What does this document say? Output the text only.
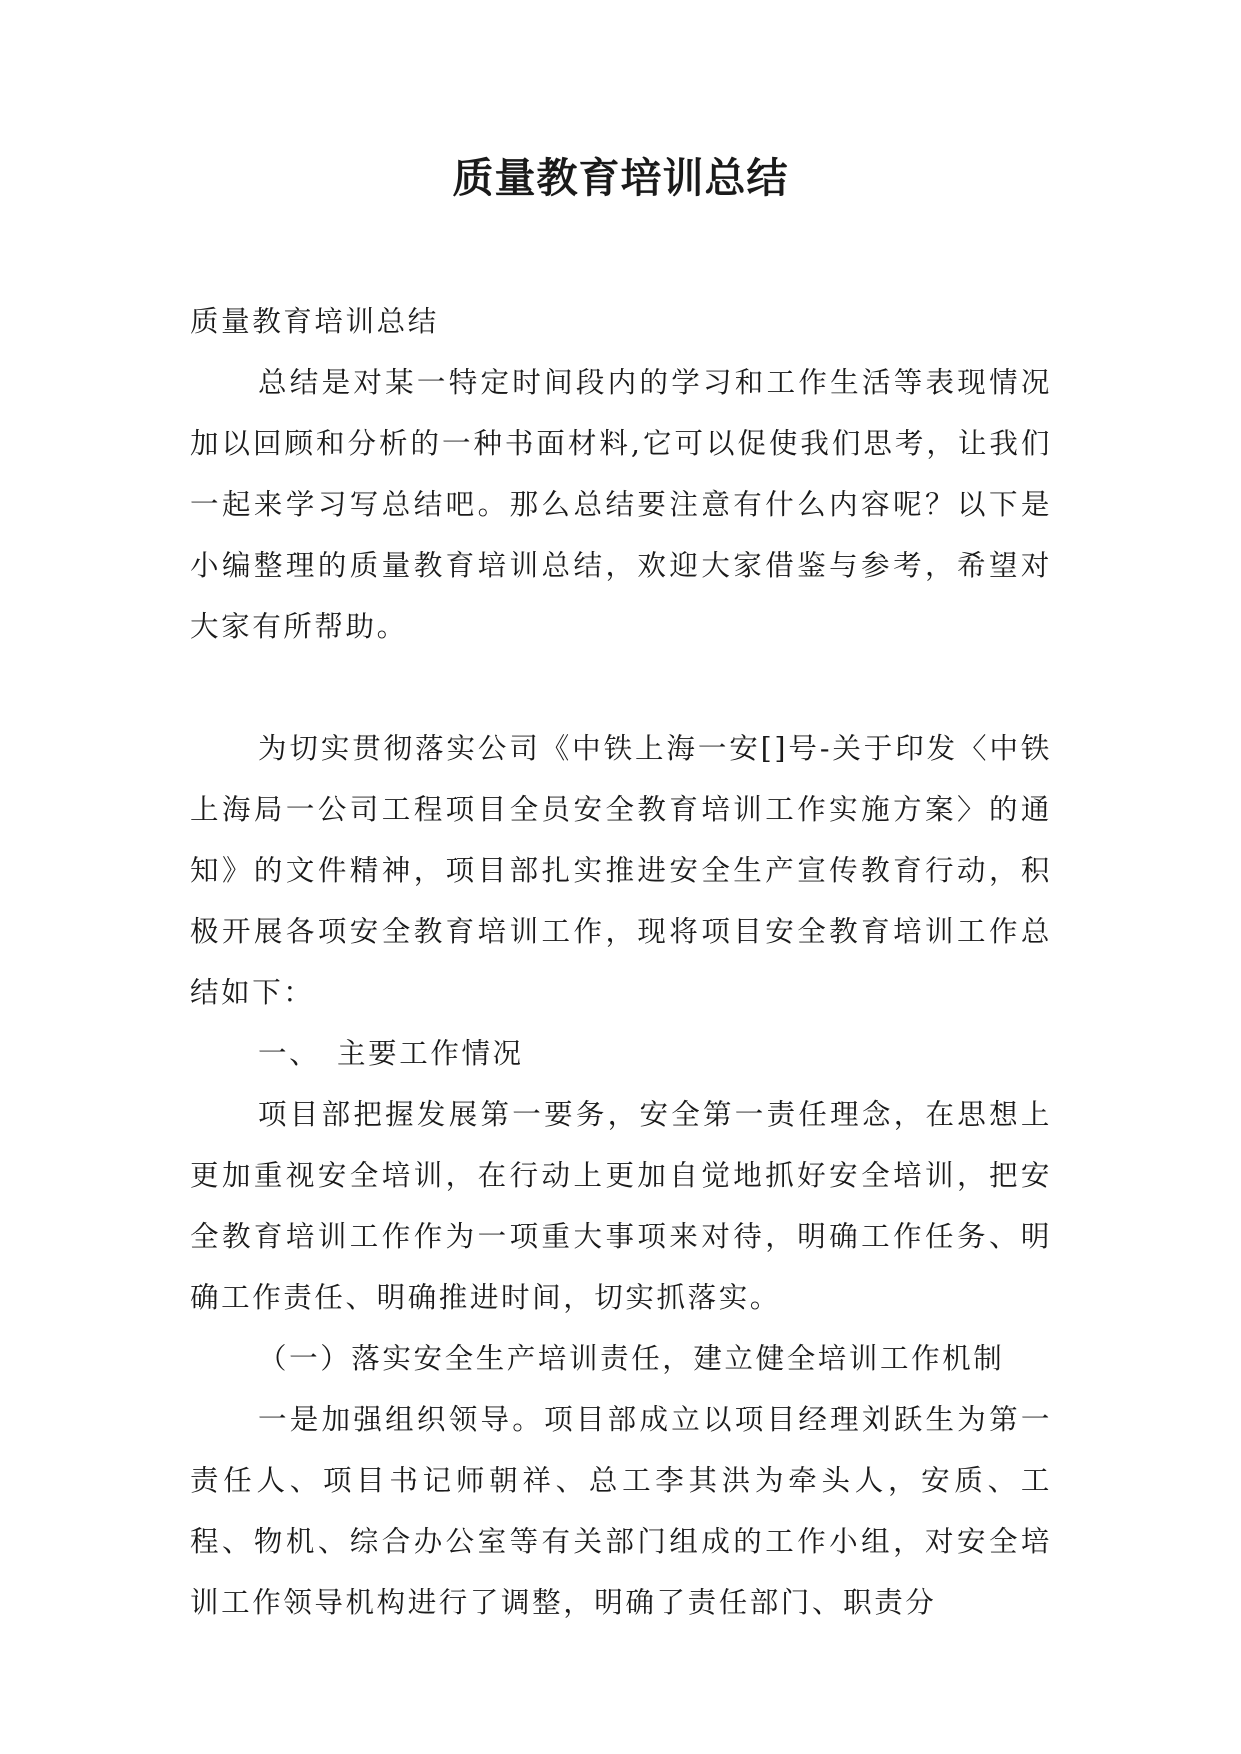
质量教育培训总结

质量教育培训总结

总结是对某一特定时间段内的学习和工作生活等表现情况加以回顾和分析的一种书面材料,它可以促使我们思考，让我们一起来学习写总结吧。那么总结要注意有什么内容呢？以下是小编整理的质量教育培训总结，欢迎大家借鉴与参考，希望对大家有所帮助。

为切实贯彻落实公司《中铁上海一安[]号-关于印发〈中铁上海局一公司工程项目全员安全教育培训工作实施方案〉的通知》的文件精神，项目部扎实推进安全生产宣传教育行动，积极开展各项安全教育培训工作，现将项目安全教育培训工作总结如下：

一、　主要工作情况

项目部把握发展第一要务，安全第一责任理念，在思想上更加重视安全培训，在行动上更加自觉地抓好安全培训，把安全教育培训工作作为一项重大事项来对待，明确工作任务、明确工作责任、明确推进时间，切实抓落实。

（一）落实安全生产培训责任，建立健全培训工作机制

一是加强组织领导。项目部成立以项目经理刘跃生为第一责任人、项目书记师朝祥、总工李其洪为牵头人，安质、工程、物机、综合办公室等有关部门组成的工作小组，对安全培训工作领导机构进行了调整，明确了责任部门、职责分
